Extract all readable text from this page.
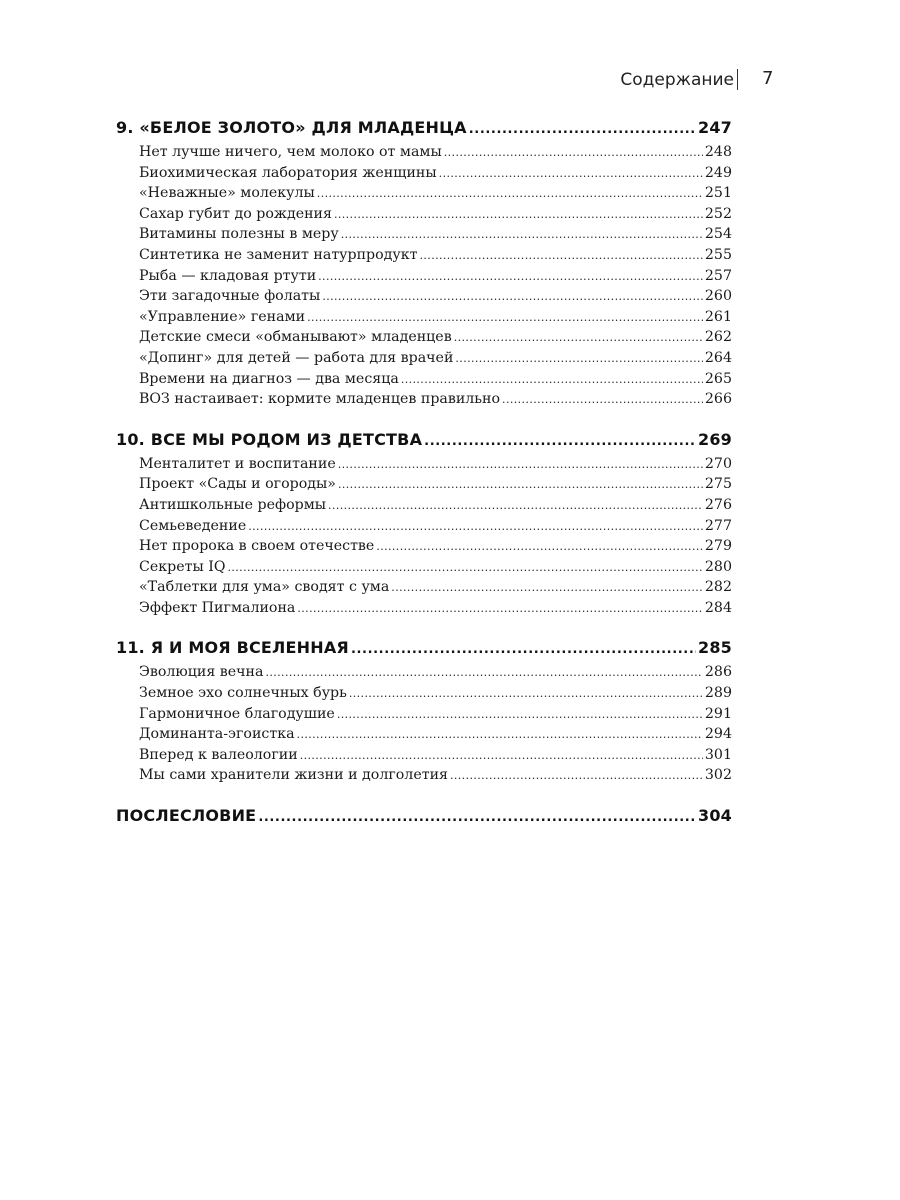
Содержание 7
9. «БЕЛОЕ ЗОЛОТО» ДЛЯ МЛАДЕНЦА .....	247
Нет лучше ничего, чем молоко от мамы .....	248
Биохимическая лаборатория женщины .....	249
«Неважные» молекулы .....	251
Сахар губит до рождения .....	252
Витамины полезны в меру .....	254
Синтетика не заменит натурпродукт .....	255
Рыба — кладовая ртути .....	257
Эти загадочные фолаты .....	260
«Управление» генами .....	261
Детские смеси «обманывают» младенцев .....	262
«Допинг» для детей — работа для врачей .....	264
Времени на диагноз — два месяца .....	265
ВОЗ настаивает: кормите младенцев правильно .....	266
10. ВСЕ МЫ РОДОМ ИЗ ДЕТСТВА .....	269
Менталитет и воспитание .....	270
Проект «Сады и огороды» .....	275
Антишкольные реформы .....	276
Семьеведение .....	277
Нет пророка в своем отечестве .....	279
Секреты IQ .....	280
«Таблетки для ума» сводят с ума .....	282
Эффект Пигмалиона .....	284
11. Я И МОЯ ВСЕЛЕННАЯ .....	285
Эволюция вечна .....	286
Земное эхо солнечных бурь .....	289
Гармоничное благодушие .....	291
Доминанта-эгоистка .....	294
Вперед к валеологии .....	301
Мы сами хранители жизни и долголетия .....	302
ПОСЛЕСЛОВИЕ .....	304
